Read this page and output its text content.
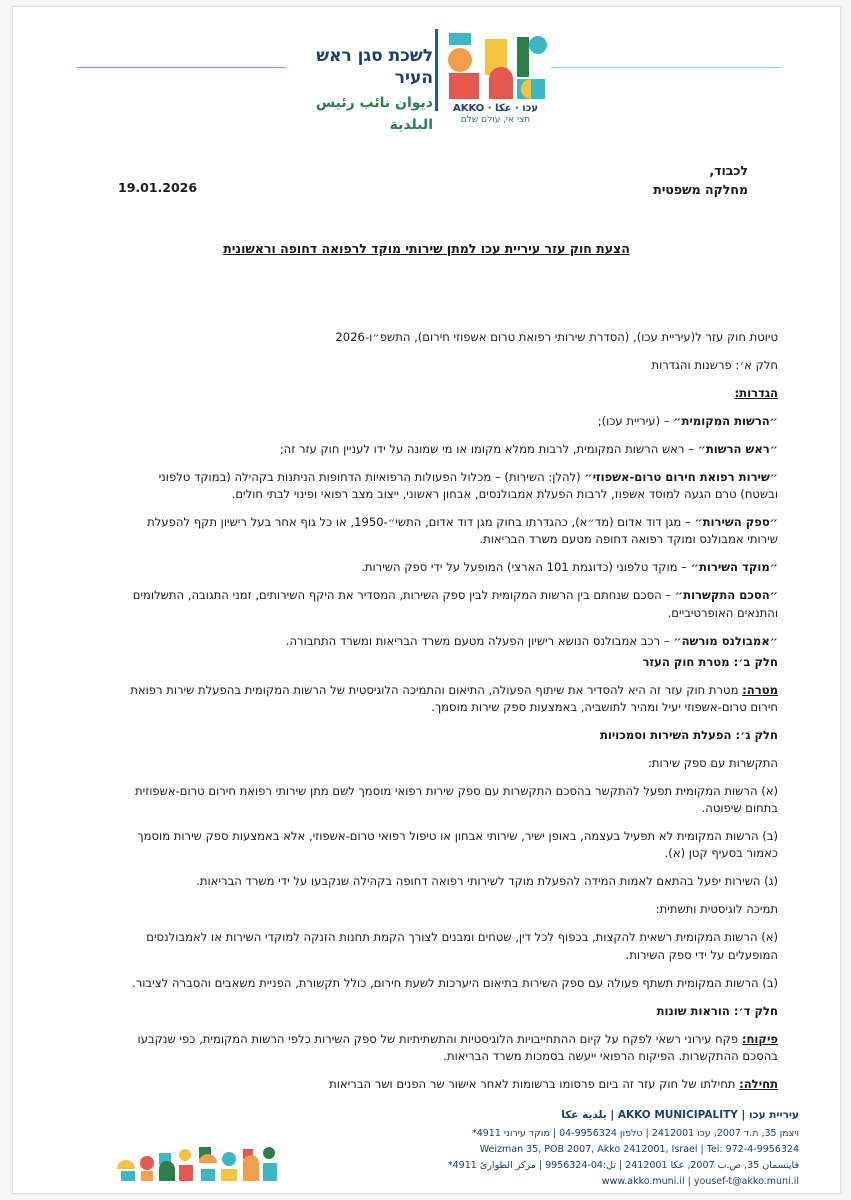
לשכת סגן ראש העיר
ديوان نائب رئيس البلدية
עכו · عكا · AKKO
חצי אי, עולם שלם
לכבוד,
מחלקה משפטית
19.01.2026
הצעת חוק עזר עיריית עכו למתן שירותי מוקד לרפואה דחופה וראשונית

טיוטת חוק עזר ל(עיריית עכו), (הסדרת שירותי רפואת טרום אשפוזי חירום), התשפ״ו-2026

חלק א׳: פרשנות והגדרות

הגדרות:

״הרשות המקומית״ – (עיריית עכו);

״ראש הרשות״ – ראש הרשות המקומית, לרבות ממלא מקומו או מי שמונה על ידו לעניין חוק עזר זה;

״שירות רפואת חירום טרום-אשפוזי״ (להלן: השירות) – מכלול הפעולות הרפואיות הדחופות הניתנות בקהילה (במוקד טלפוני ובשטח) טרם הגעה למוסד אשפוז, לרבות הפעלת אמבולנסים, אבחון ראשוני, ייצוב מצב רפואי ופינוי לבתי חולים.

״ספק השירות״ – מגן דוד אדום (מד״א), כהגדרתו בחוק מגן דוד אדום, התשי״-1950, או כל גוף אחר בעל רישיון תקף להפעלת שירותי אמבולנס ומוקד רפואה דחופה מטעם משרד הבריאות.

״מוקד השירות״ – מוקד טלפוני (כדוגמת 101 הארצי) המופעל על ידי ספק השירות.

״הסכם התקשרות״ – הסכם שנחתם בין הרשות המקומית לבין ספק השירות, המסדיר את היקף השירותים, זמני התגובה, התשלומים והתנאים האופרטיביים.

״אמבולנס מורשה״ – רכב אמבולנס הנושא רישיון הפעלה מטעם משרד הבריאות ומשרד התחבורה.

חלק ב׳: מטרת חוק העזר

מטרה: מטרת חוק עזר זה היא להסדיר את שיתוף הפעולה, התיאום והתמיכה הלוגיסטית של הרשות המקומית בהפעלת שירות רפואת חירום טרום-אשפוזי יעיל ומהיר לתושביה, באמצעות ספק שירות מוסמך.

חלק ג׳: הפעלת השירות וסמכויות

התקשרות עם ספק שירות:

(א) הרשות המקומית תפעל להתקשר בהסכם התקשרות עם ספק שירות רפואי מוסמך לשם מתן שירותי רפואת חירום טרום-אשפוזית בתחום שיפוטה.

(ב) הרשות המקומית לא תפעיל בעצמה, באופן ישיר, שירותי אבחון או טיפול רפואי טרום-אשפוזי, אלא באמצעות ספק שירות מוסמך כאמור בסעיף קטן (א).

(ג) השירות יפעל בהתאם לאמות המידה להפעלת מוקד לשירותי רפואה דחופה בקהילה שנקבעו על ידי משרד הבריאות.

תמיכה לוגיסטית ותשתית:

(א) הרשות המקומית רשאית להקצות, בכפוף לכל דין, שטחים ומבנים לצורך הקמת תחנות הזנקה למוקדי השירות או לאמבולנסים המופעלים על ידי ספק השירות.

(ב) הרשות המקומית תשתף פעולה עם ספק השירות בתיאום היערכות לשעת חירום, כולל תקשורת, הפניית משאבים והסברה לציבור.

חלק ד׳: הוראות שונות

פיקוח: פקח עירוני רשאי לפקח על קיום ההתחייבויות הלוגיסטיות והתשתיתיות של ספק השירות כלפי הרשות המקומית, כפי שנקבעו בהסכם ההתקשרות. הפיקוח הרפואי ייעשה בסמכות משרד הבריאות.

תחילה: תחילתו של חוק עזר זה ביום פרסומו ברשומות לאחר אישור שר הפנים ושר הבריאות

עיריית עכו | AKKO MUNICIPALITY | بلدية عكا
ויצמן 35, ת.ד 2007, עכו 2412001 | טלפון 04-9956324 | מוקד עירוני 4911*
Weizman 35, POB 2007, Akko 2412001, Israel | Tel: 972-4-9956324
فايتسمان 35, ص.ب 2007, عكا 2412001 | تل:04-9956324 | مركز الطوارئ 4911*
www.akko.muni.il | yousef-t@akko.muni.il
